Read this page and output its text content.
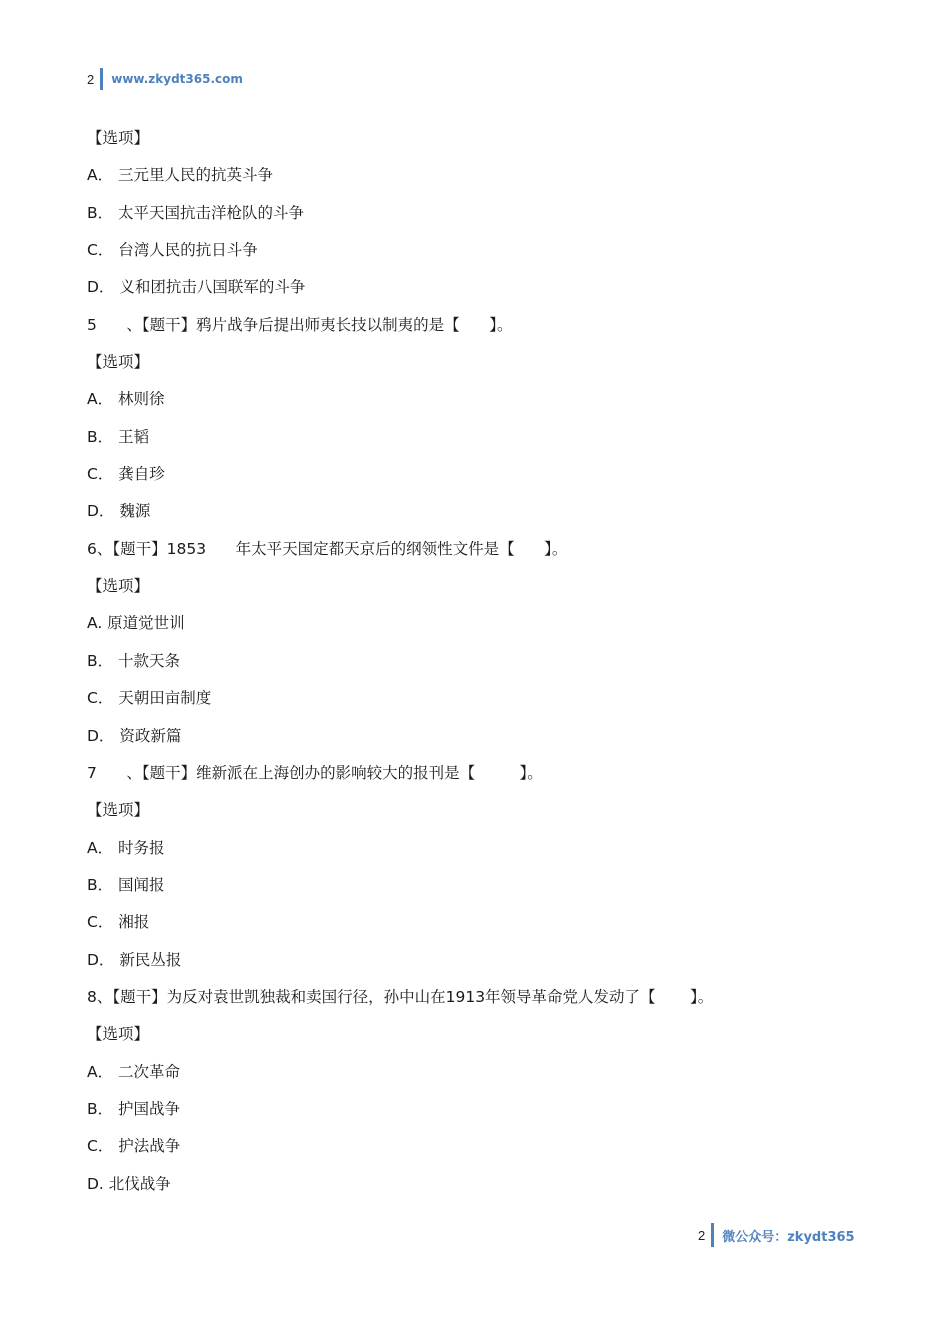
2 www.zkydt365.com
【选项】
A． 三元里人民的抗英斗争
B． 太平天国抗击洋枪队的斗争
C． 台湾人民的抗日斗争
D． 义和团抗击八国联军的斗争
5      、【题干】鸦片战争后提出师夷长技以制夷的是【      】。
【选项】
A． 林则徐
B． 王韬
C． 龚自珍
D． 魏源
6、【题干】1853      年太平天国定都天京后的纲领性文件是【      】。
【选项】
A. 原道觉世训
B． 十款天条
C． 天朝田亩制度
D． 资政新篇
7      、【题干】维新派在上海创办的影响较大的报刊是【         】。
【选项】
A． 时务报
B． 国闻报
C． 湘报
D． 新民丛报
8、【题干】为反对袁世凯独裁和卖国行径，孙中山在1913年领导革命党人发动了【       】。
【选项】
A． 二次革命
B． 护国战争
C． 护法战争
D. 北伐战争
2 微公众号：zkydt365
